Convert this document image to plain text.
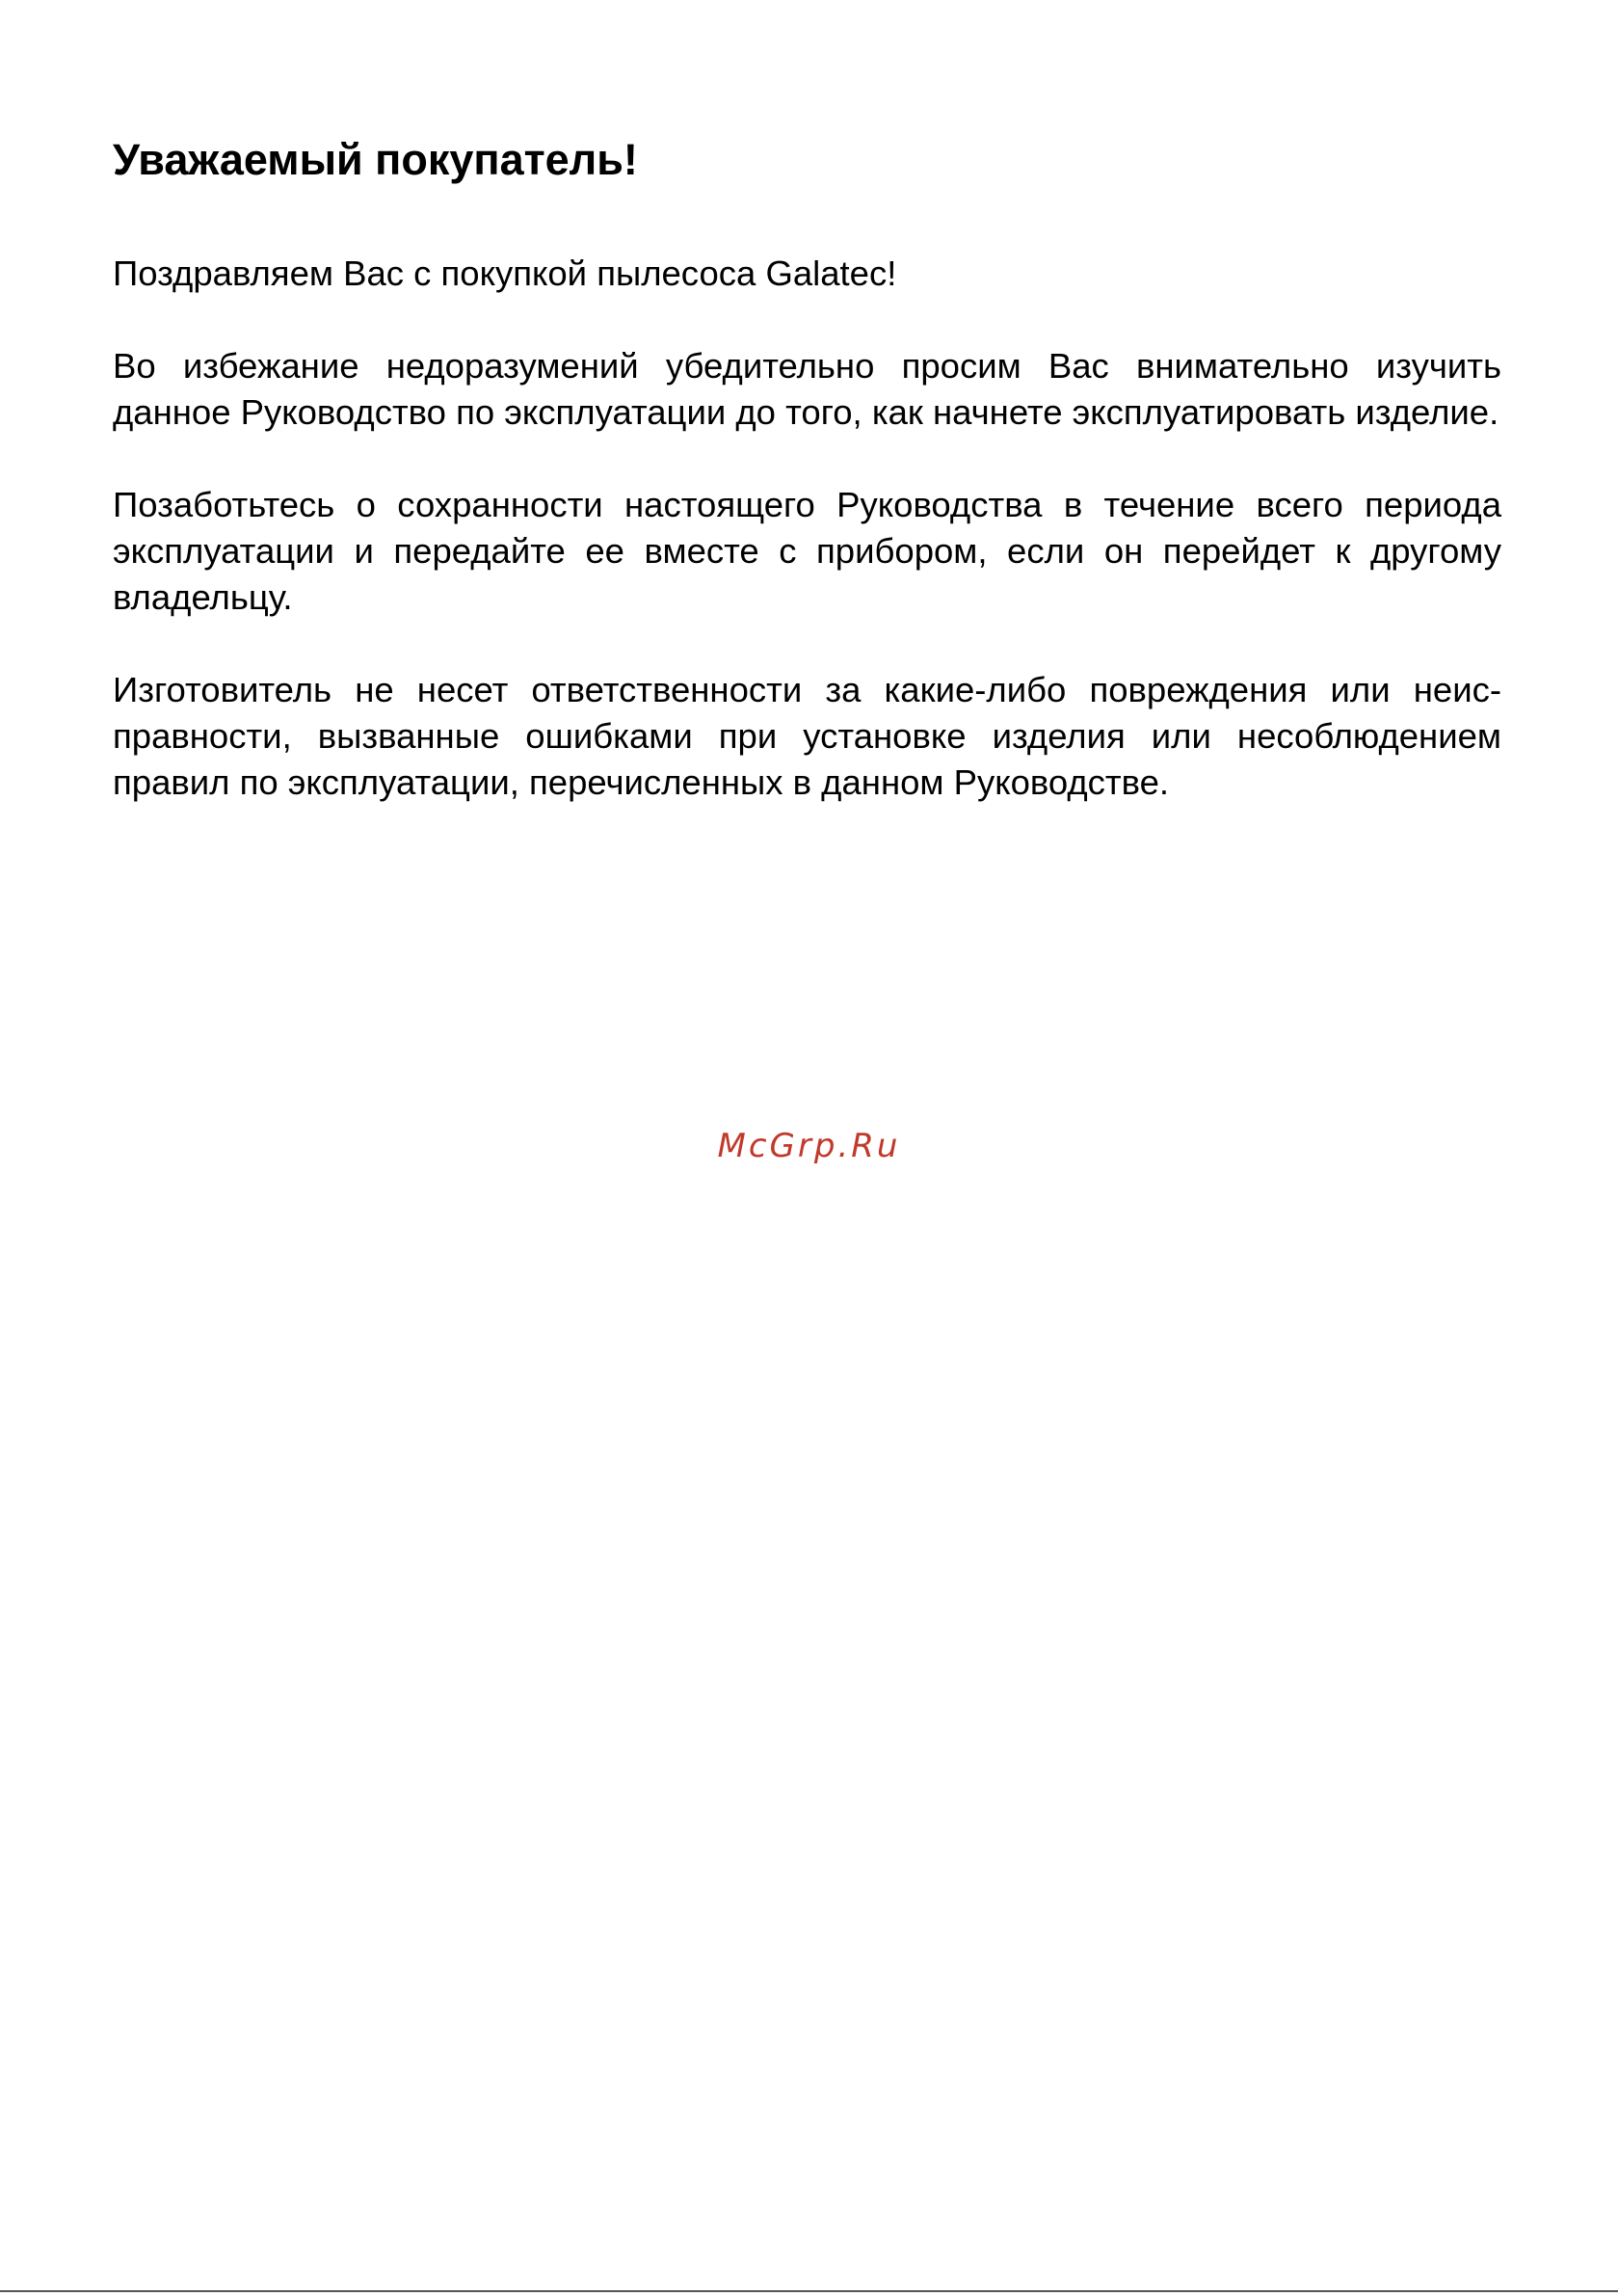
Уважаемый покупатель!

Поздравляем Вас с покупкой пылесоса Galatec!

Во избежание недоразумений убедительно просим Вас внимательно изучить данное Руководство по эксплуатации до того, как начнете эксплуатировать изделие.

Позаботьтесь о сохранности настоящего Руководства в течение всего периода эксплуатации и передайте ее вместе с прибором, если он перейдет к другому владельцу.

Изготовитель не несет ответственности за какие-либо повреждения или неис-правности, вызванные ошибками при установке изделия или несоблюдением правил по эксплуатации, перечисленных в данном Руководстве.

McGrp.Ru
